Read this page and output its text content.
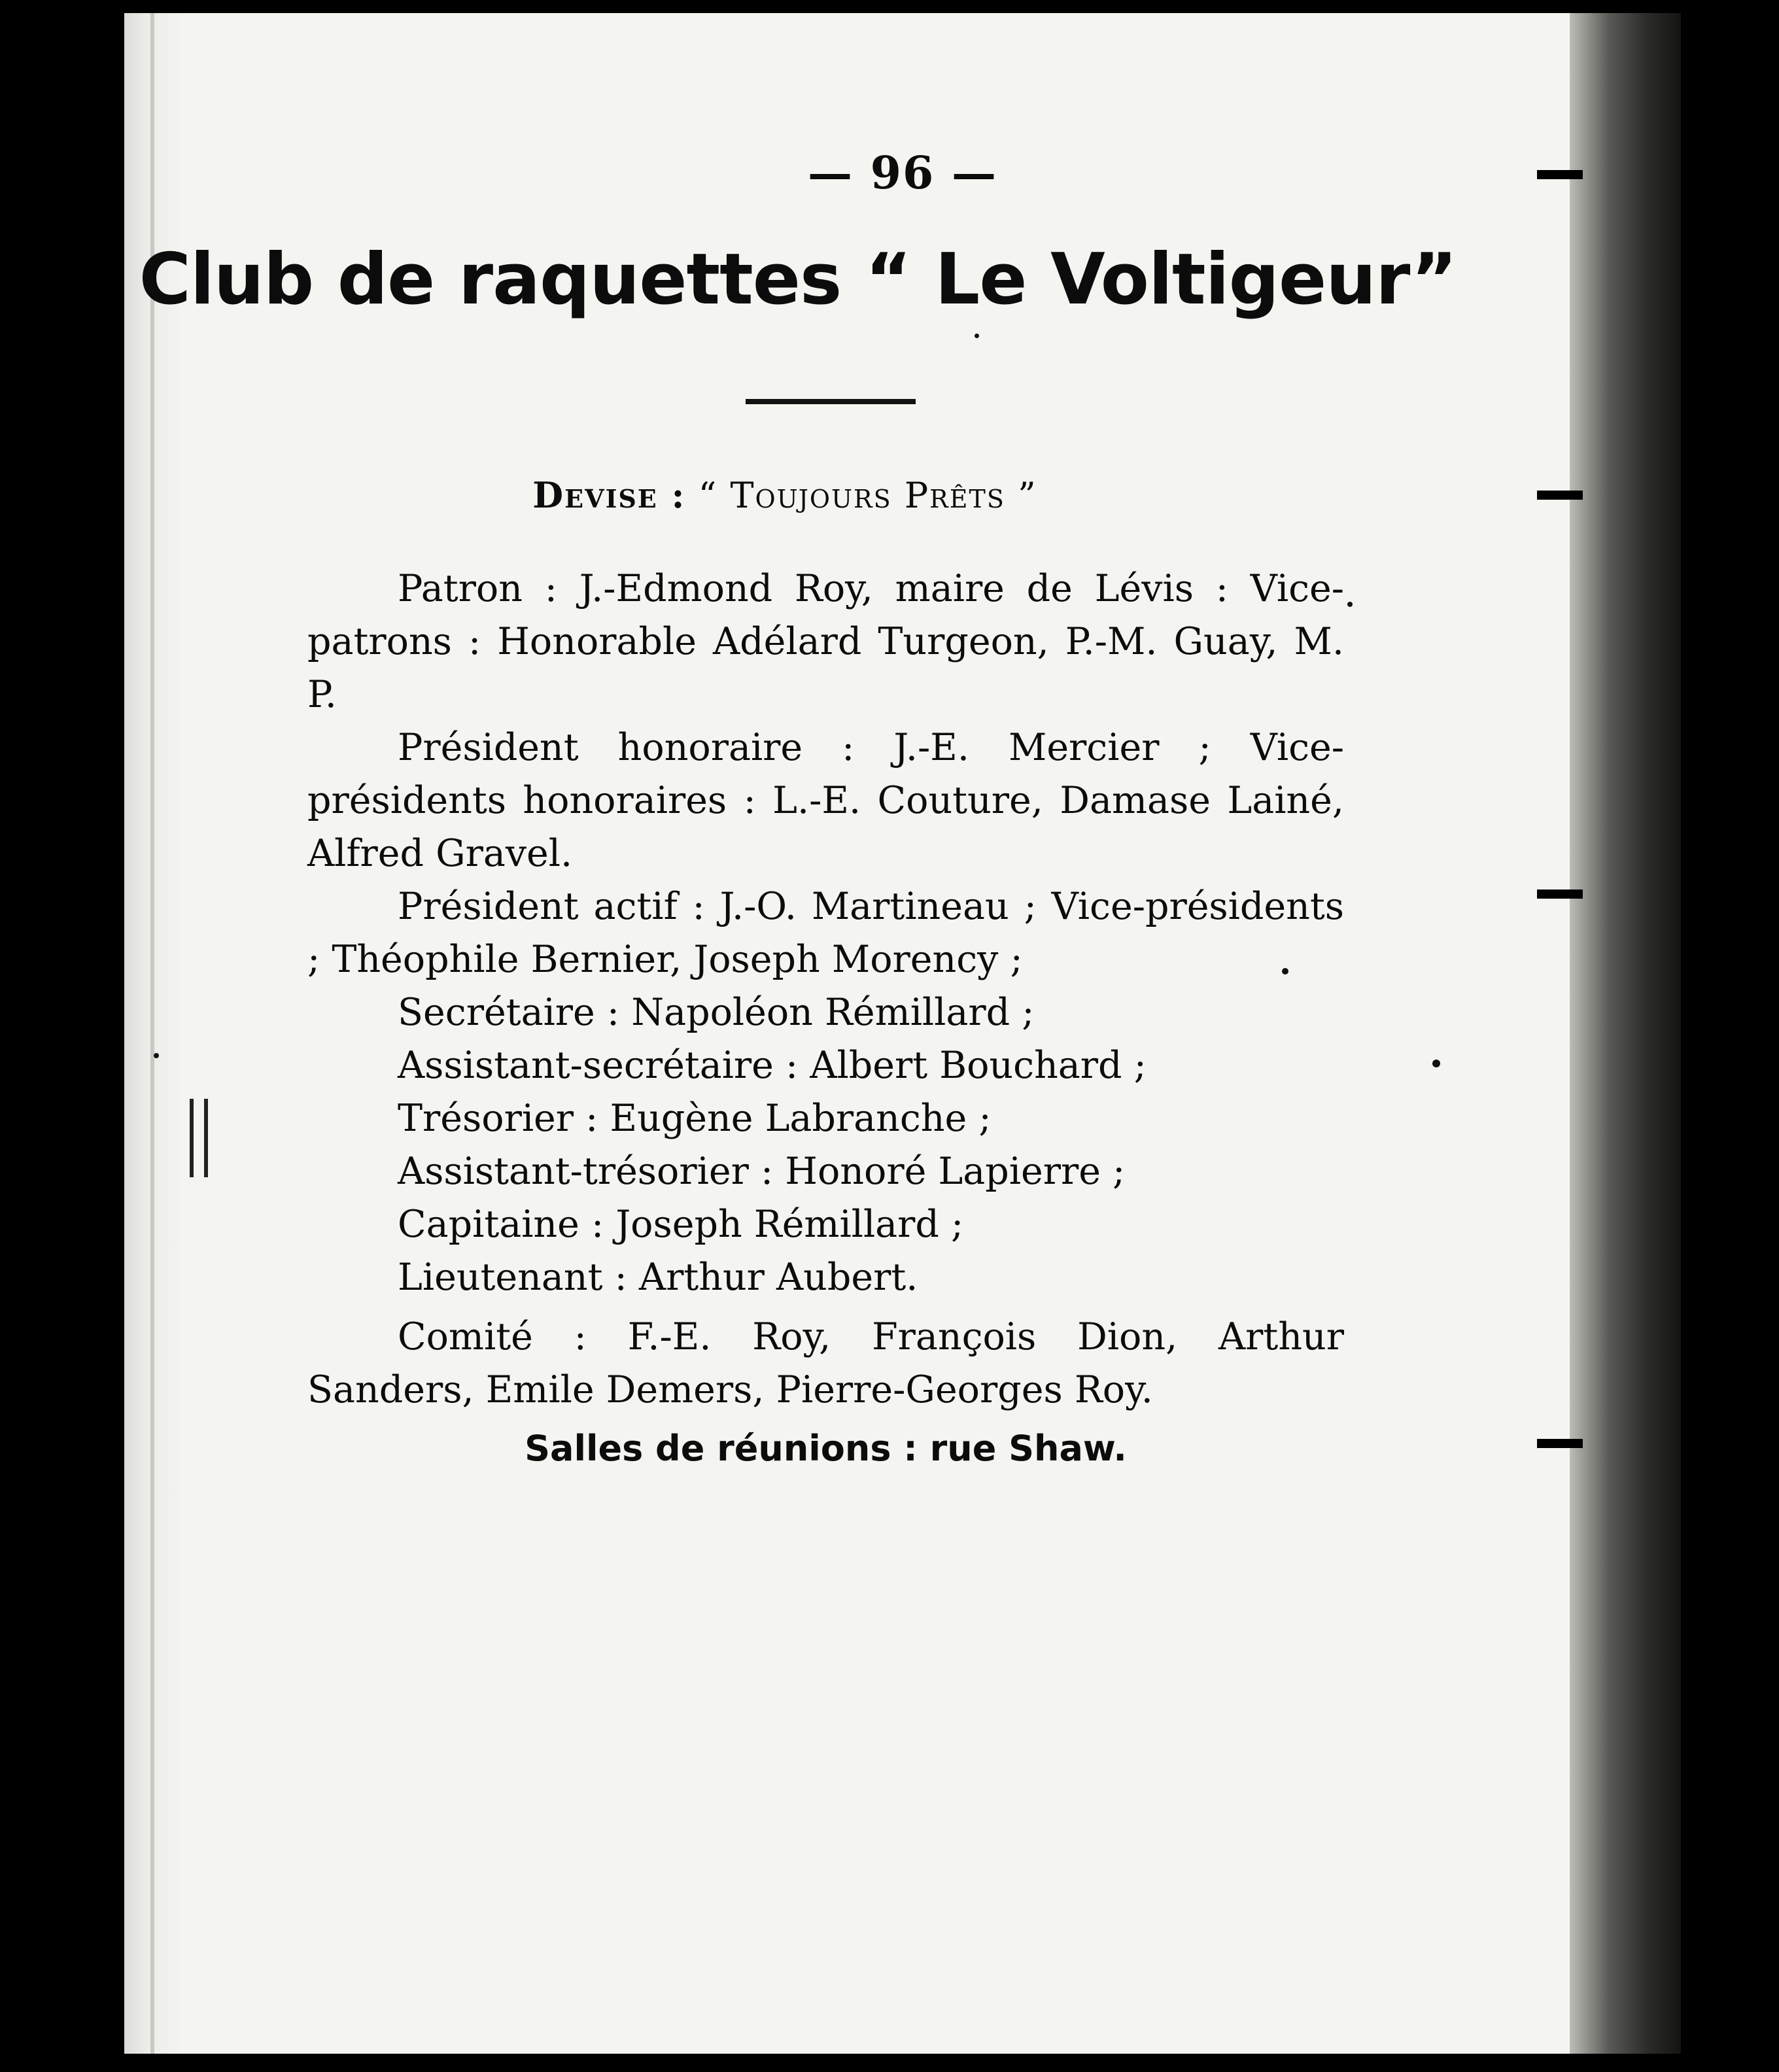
— 96 —
Club de raquettes “ Le Voltigeur”
Devise : “ Toujours Prêts ”

Patron : J.-Edmond Roy, maire de Lévis : Vice-patrons : Honorable Adélard Turgeon, P.-M. Guay, M. P.

Président honoraire : J.-E. Mercier ; Vice-présidents honoraires : L.-E. Couture, Damase Lainé, Alfred Gravel.

Président actif : J.-O. Martineau ; Vice-présidents ; Théophile Bernier, Joseph Morency ;

Secrétaire : Napoléon Rémillard ;

Assistant-secrétaire : Albert Bouchard ;

Trésorier : Eugène Labranche ;

Assistant-trésorier : Honoré Lapierre ;

Capitaine : Joseph Rémillard ;

Lieutenant : Arthur Aubert.

Comité : F.-E. Roy, François Dion, Arthur Sanders, Emile Demers, Pierre-Georges Roy.

Salles de réunions : rue Shaw.
